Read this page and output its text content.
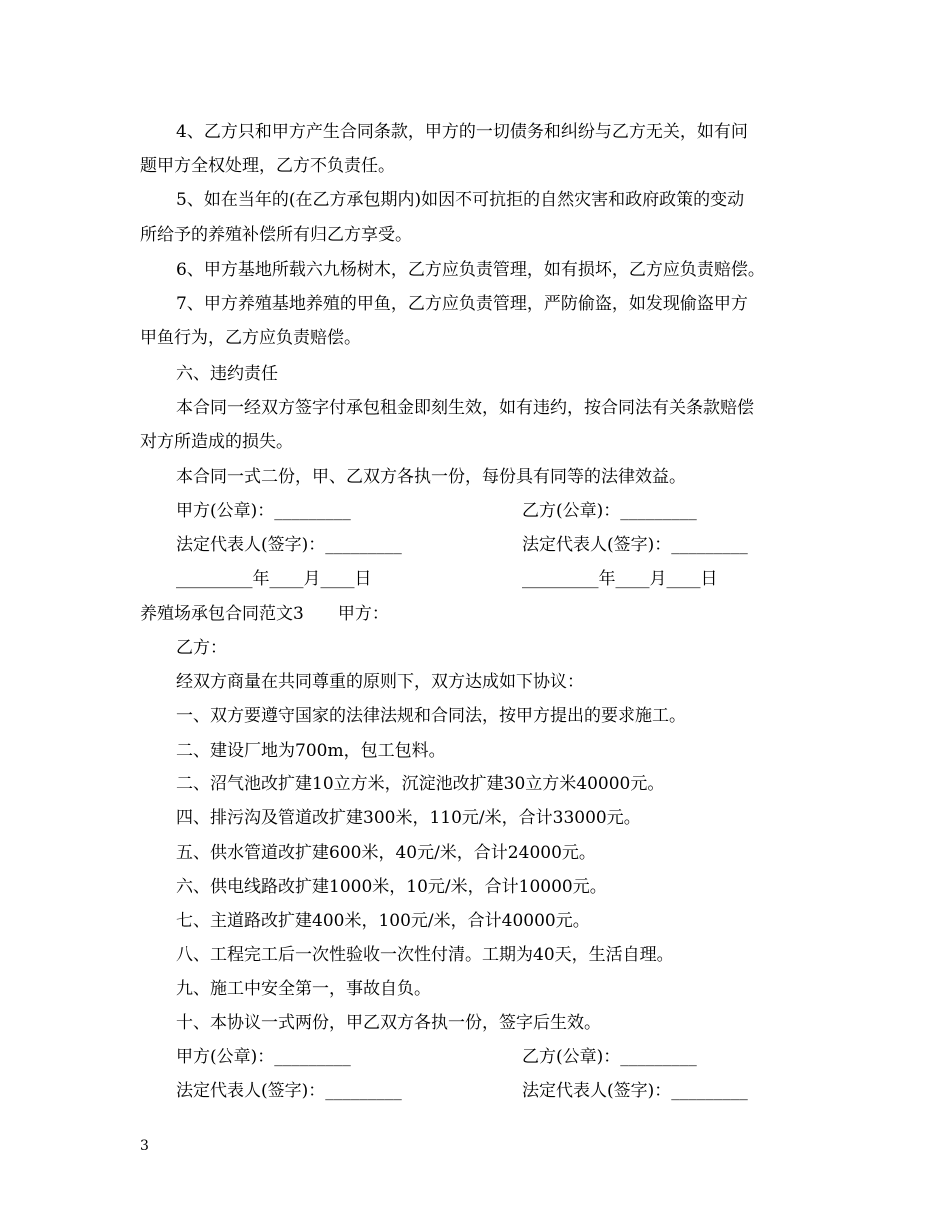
4、乙方只和甲方产生合同条款，甲方的一切债务和纠纷与乙方无关，如有问
题甲方全权处理，乙方不负责任。
5、如在当年的(在乙方承包期内)如因不可抗拒的自然灾害和政府政策的变动
所给予的养殖补偿所有归乙方享受。
6、甲方基地所载六九杨树木，乙方应负责管理，如有损坏，乙方应负责赔偿。
7、甲方养殖基地养殖的甲鱼，乙方应负责管理，严防偷盗，如发现偷盗甲方
甲鱼行为，乙方应负责赔偿。
六、违约责任
本合同一经双方签字付承包租金即刻生效，如有违约，按合同法有关条款赔偿
对方所造成的损失。
本合同一式二份，甲、乙双方各执一份，每份具有同等的法律效益。
甲方(公章)：_________	乙方(公章)：_________
法定代表人(签字)：_________	法定代表人(签字)：_________
_________年____月____日	_________年____月____日
养殖场承包合同范文3　　甲方：
乙方：
经双方商量在共同尊重的原则下，双方达成如下协议：
一、双方要遵守国家的法律法规和合同法，按甲方提出的要求施工。
二、建设厂地为700m，包工包料。
二、沼气池改扩建10立方米，沉淀池改扩建30立方米40000元。
四、排污沟及管道改扩建300米，110元/米，合计33000元。
五、供水管道改扩建600米，40元/米，合计24000元。
六、供电线路改扩建1000米，10元/米，合计10000元。
七、主道路改扩建400米，100元/米，合计40000元。
八、工程完工后一次性验收一次性付清。工期为40天，生活自理。
九、施工中安全第一，事故自负。
十、本协议一式两份，甲乙双方各执一份，签字后生效。
甲方(公章)：_________	乙方(公章)：_________
法定代表人(签字)：_________	法定代表人(签字)：_________
3
